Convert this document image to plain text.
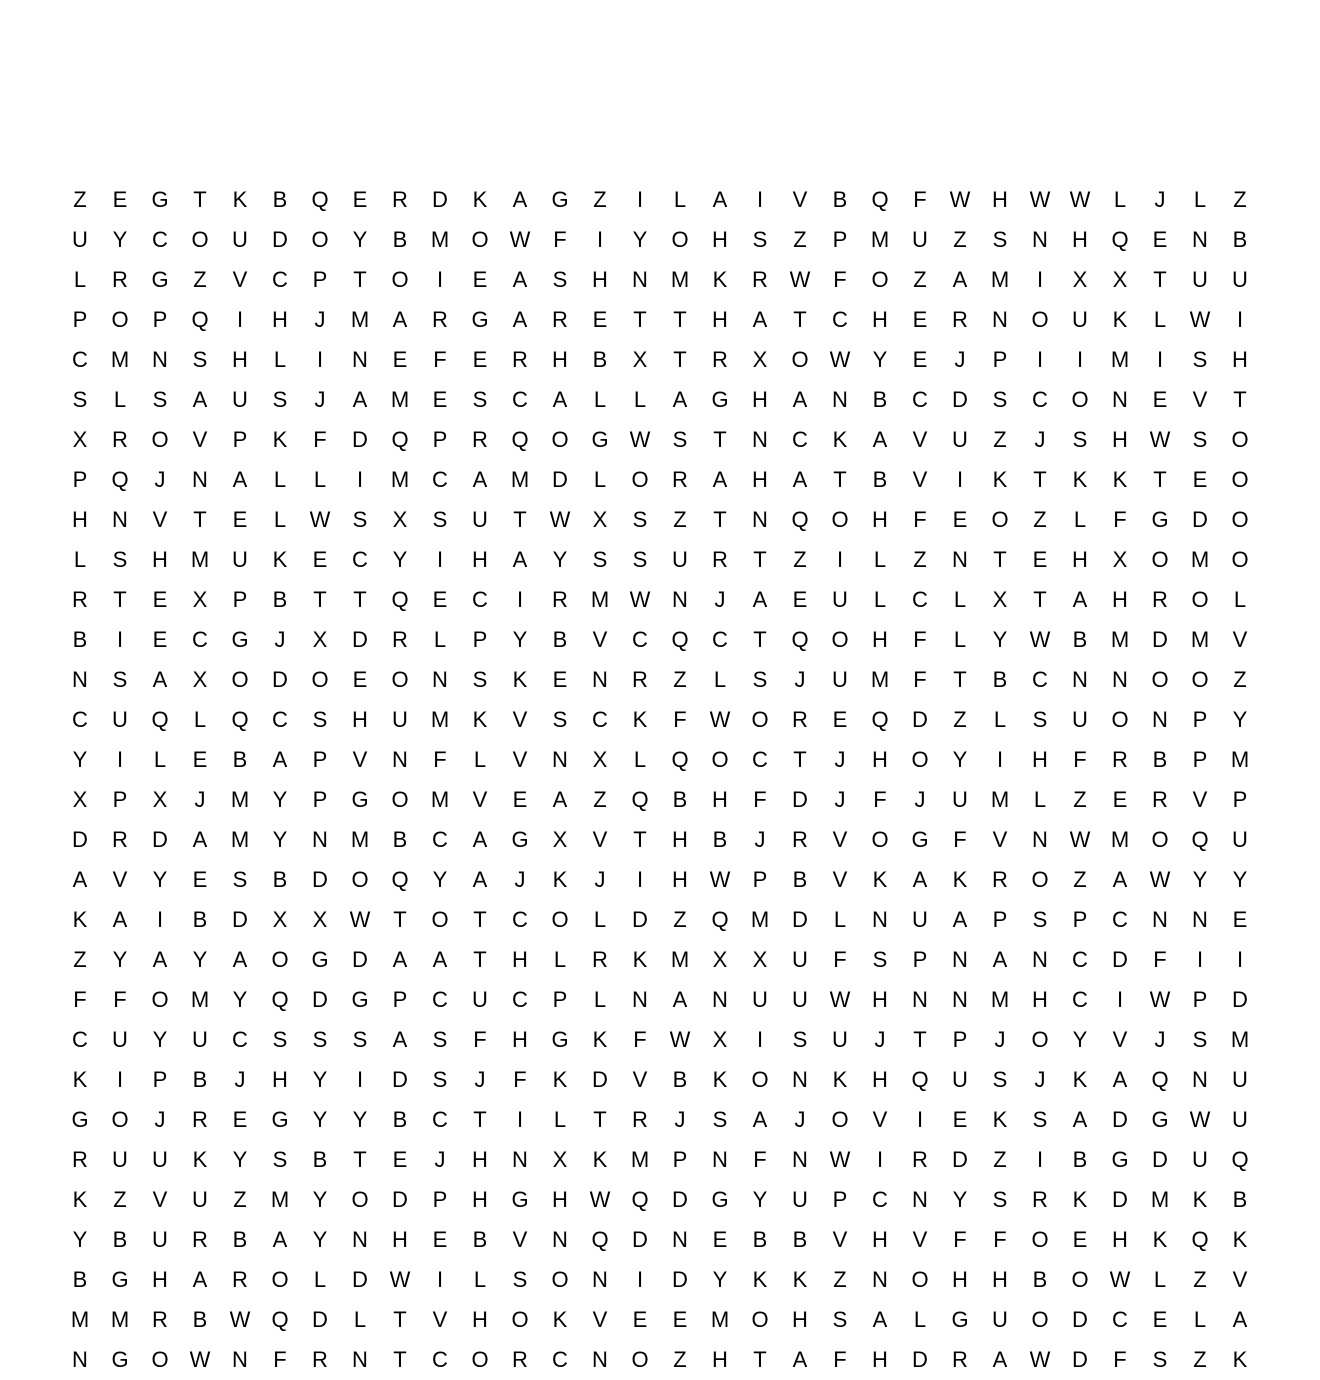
Z	E	G	T	K	B	Q	E	R	D	K	A	G	Z	I	L	A	I	V	B	Q	F	W H W W	L	J	L	Z
U	Y	C	O	U	D	O	Y	B	M	O W	F	I	Y	O	H	S	Z	P	M	U	Z	S	N	H	Q	E	N	B
L	R	G	Z	V	C	P	T	O	I	E	A	S	H	N	M	K	R W	F	O	Z	A	M	I	X	X	T	U	U
P	O	P	Q	I	H	J	M	A	R	G	A	R	E	T	T	H	A	T	C	H	E	R	N	O	U	K	L	W	I
C	M	N	S	H	L	I	N	E	F	E	R	H	B	X	T	R	X	O W	Y	E	J	P	I	I	M	I	S	H
S	L	S	A	U	S	J	A	M	E	S	C	A	L	L	A	G	H	A	N	B	C	D	S	C	O	N	E	V	T
X	R	O	V	P	K	F	D	Q	P	R	Q	O	G W	S	T	N	C	K	A	V	U	Z	J	S	H W	S	O
P	Q	J	N	A	L	L	I	M	C	A	M	D	L	O	R	A	H	A	T	B	V	I	K	T	K	K	T	E	O
H	N	V	T	E	L	W	S	X	S	U	T	W	X	S	Z	T	N	Q	O	H	F	E	O	Z	L	F	G	D	O
L	S	H	M	U	K	E	C	Y	I	H	A	Y	S	S	U	R	T	Z	I	L	Z	N	T	E	H	X	O	M	O
R	T	E	X	P	B	T	T	Q	E	C	I	R	M W N	J	A	E	U	L	C	L	X	T	A	H	R	O	L
B	I	E	C	G	J	X	D	R	L	P	Y	B	V	C	Q	C	T	Q	O	H	F	L	Y	W	B	M	D	M	V
N	S	A	X	O	D	O	E	O	N	S	K	E	N	R	Z	L	S	J	U	M	F	T	B	C	N	N	O	O	Z
C	U	Q	L	Q	C	S	H	U	M	K	V	S	C	K	F	W O	R	E	Q	D	Z	L	S	U	O	N	P	Y
Y	I	L	E	B	A	P	V	N	F	L	V	N	X	L	Q	O	C	T	J	H	O	Y	I	H	F	R	B	P	M
X	P	X	J	M	Y	P	G	O	M	V	E	A	Z	Q	B	H	F	D	J	F	J	U	M	L	Z	E	R	V	P
D	R	D	A	M	Y	N	M	B	C	A	G	X	V	T	H	B	J	R	V	O	G	F	V	N W M	O	Q	U
A	V	Y	E	S	B	D	O	Q	Y	A	J	K	J	I	H W	P	B	V	K	A	K	R	O	Z	A	W	Y	Y
K	A	I	B	D	X	X	W	T	O	T	C	O	L	D	Z	Q	M	D	L	N	U	A	P	S	P	C	N	N	E
Z	Y	A	Y	A	O	G	D	A	A	T	H	L	R	K	M	X	X	U	F	S	P	N	A	N	C	D	F	I	I
F	F	O	M	Y	Q	D	G	P	C	U	C	P	L	N	A	N	U	U W H	N	N	M	H	C	I	W	P	D
C	U	Y	U	C	S	S	S	A	S	F	H	G	K	F	W	X	I	S	U	J	T	P	J	O	Y	V	J	S	M
K	I	P	B	J	H	Y	I	D	S	J	F	K	D	V	B	K	O	N	K	H	Q	U	S	J	K	A	Q	N	U
G	O	J	R	E	G	Y	Y	B	C	T	I	L	T	R	J	S	A	J	O	V	I	E	K	S	A	D	G W U
R	U	U	K	Y	S	B	T	E	J	H	N	X	K	M	P	N	F	N W	I	R	D	Z	I	B	G	D	U	Q
K	Z	V	U	Z	M	Y	O	D	P	H	G	H W Q	D	G	Y	U	P	C	N	Y	S	R	K	D	M	K	B
Y	B	U	R	B	A	Y	N	H	E	B	V	N	Q	D	N	E	B	B	V	H	V	F	F	O	E	H	K	Q	K
B	G	H	A	R	O	L	D W	I	L	S	O	N	I	D	Y	K	K	Z	N	O	H	H	B	O W	L	Z	V
M M	R	B	W Q	D	L	T	V	H	O	K	V	E	E	M	O	H	S	A	L	G	U	O	D	C	E	L	A
N	G	O W N	F	R	N	T	C	O	R	C	N	O	Z	H	T	A	F	H	D	R	A	W D	F	S	Z	K
